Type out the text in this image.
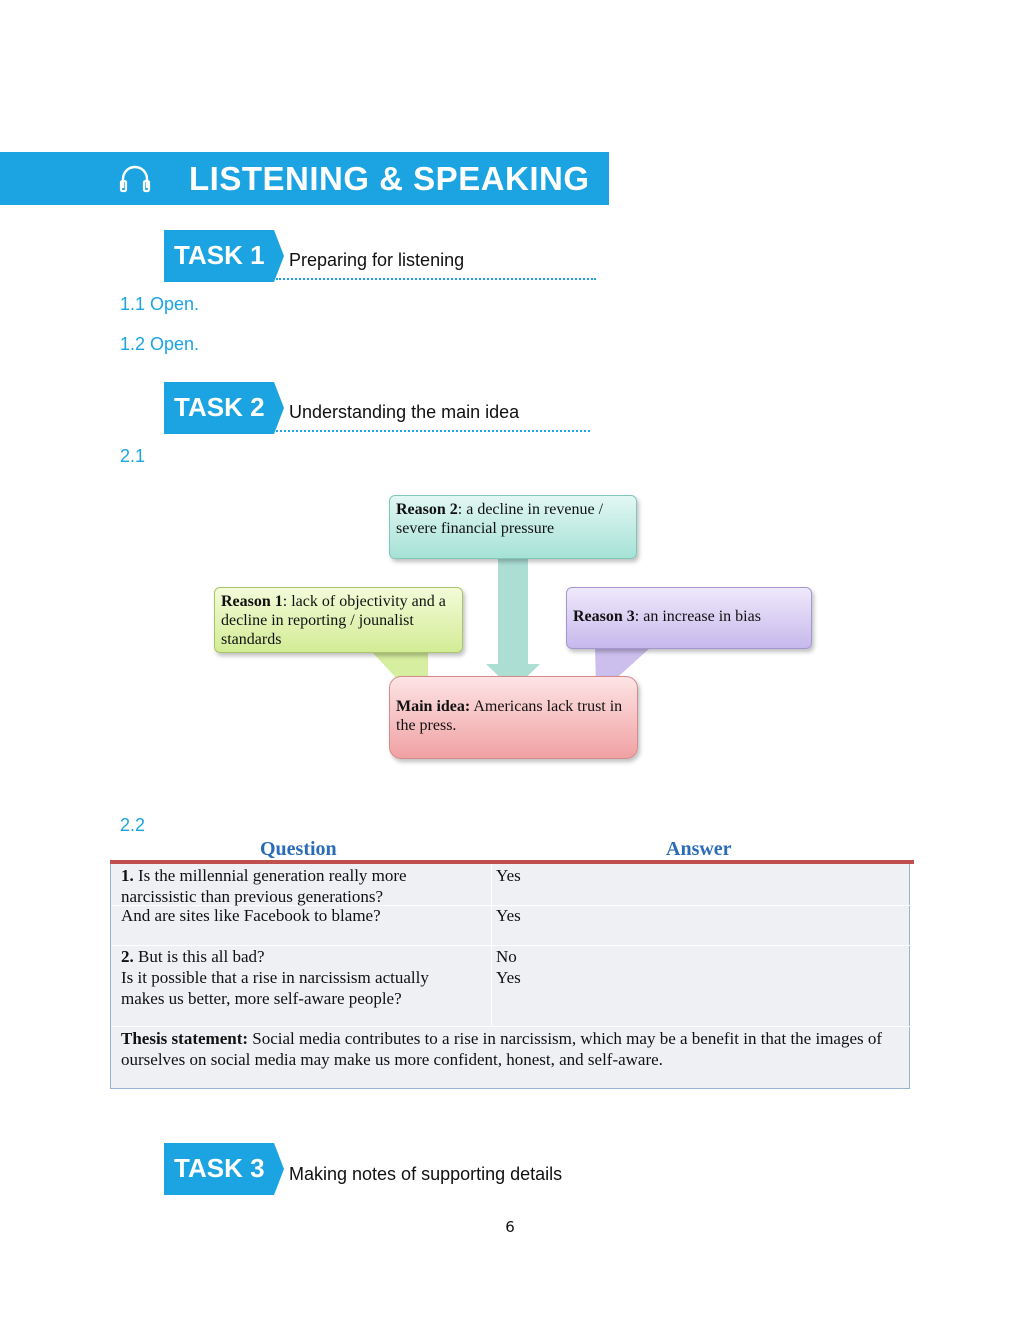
LISTENING & SPEAKING
TASK 1 Preparing for listening
1.1 Open.
1.2 Open.
TASK 2 Understanding the main idea
2.1
Reason 2: a decline in revenue / severe financial pressure
Reason 1: lack of objectivity and a decline in reporting / jounalist standards
Reason 3: an increase in bias
Main idea: Americans lack trust in the press.
2.2
Question	Answer
1. Is the millennial generation really more narcissistic than previous generations?
And are sites like Facebook to blame?
Yes
Yes
2. But is this all bad?
Is it possible that a rise in narcissism actually makes us better, more self-aware people?
No
Yes
Thesis statement: Social media contributes to a rise in narcissism, which may be a benefit in that the images of ourselves on social media may make us more confident, honest, and self-aware.
TASK 3 Making notes of supporting details
6
